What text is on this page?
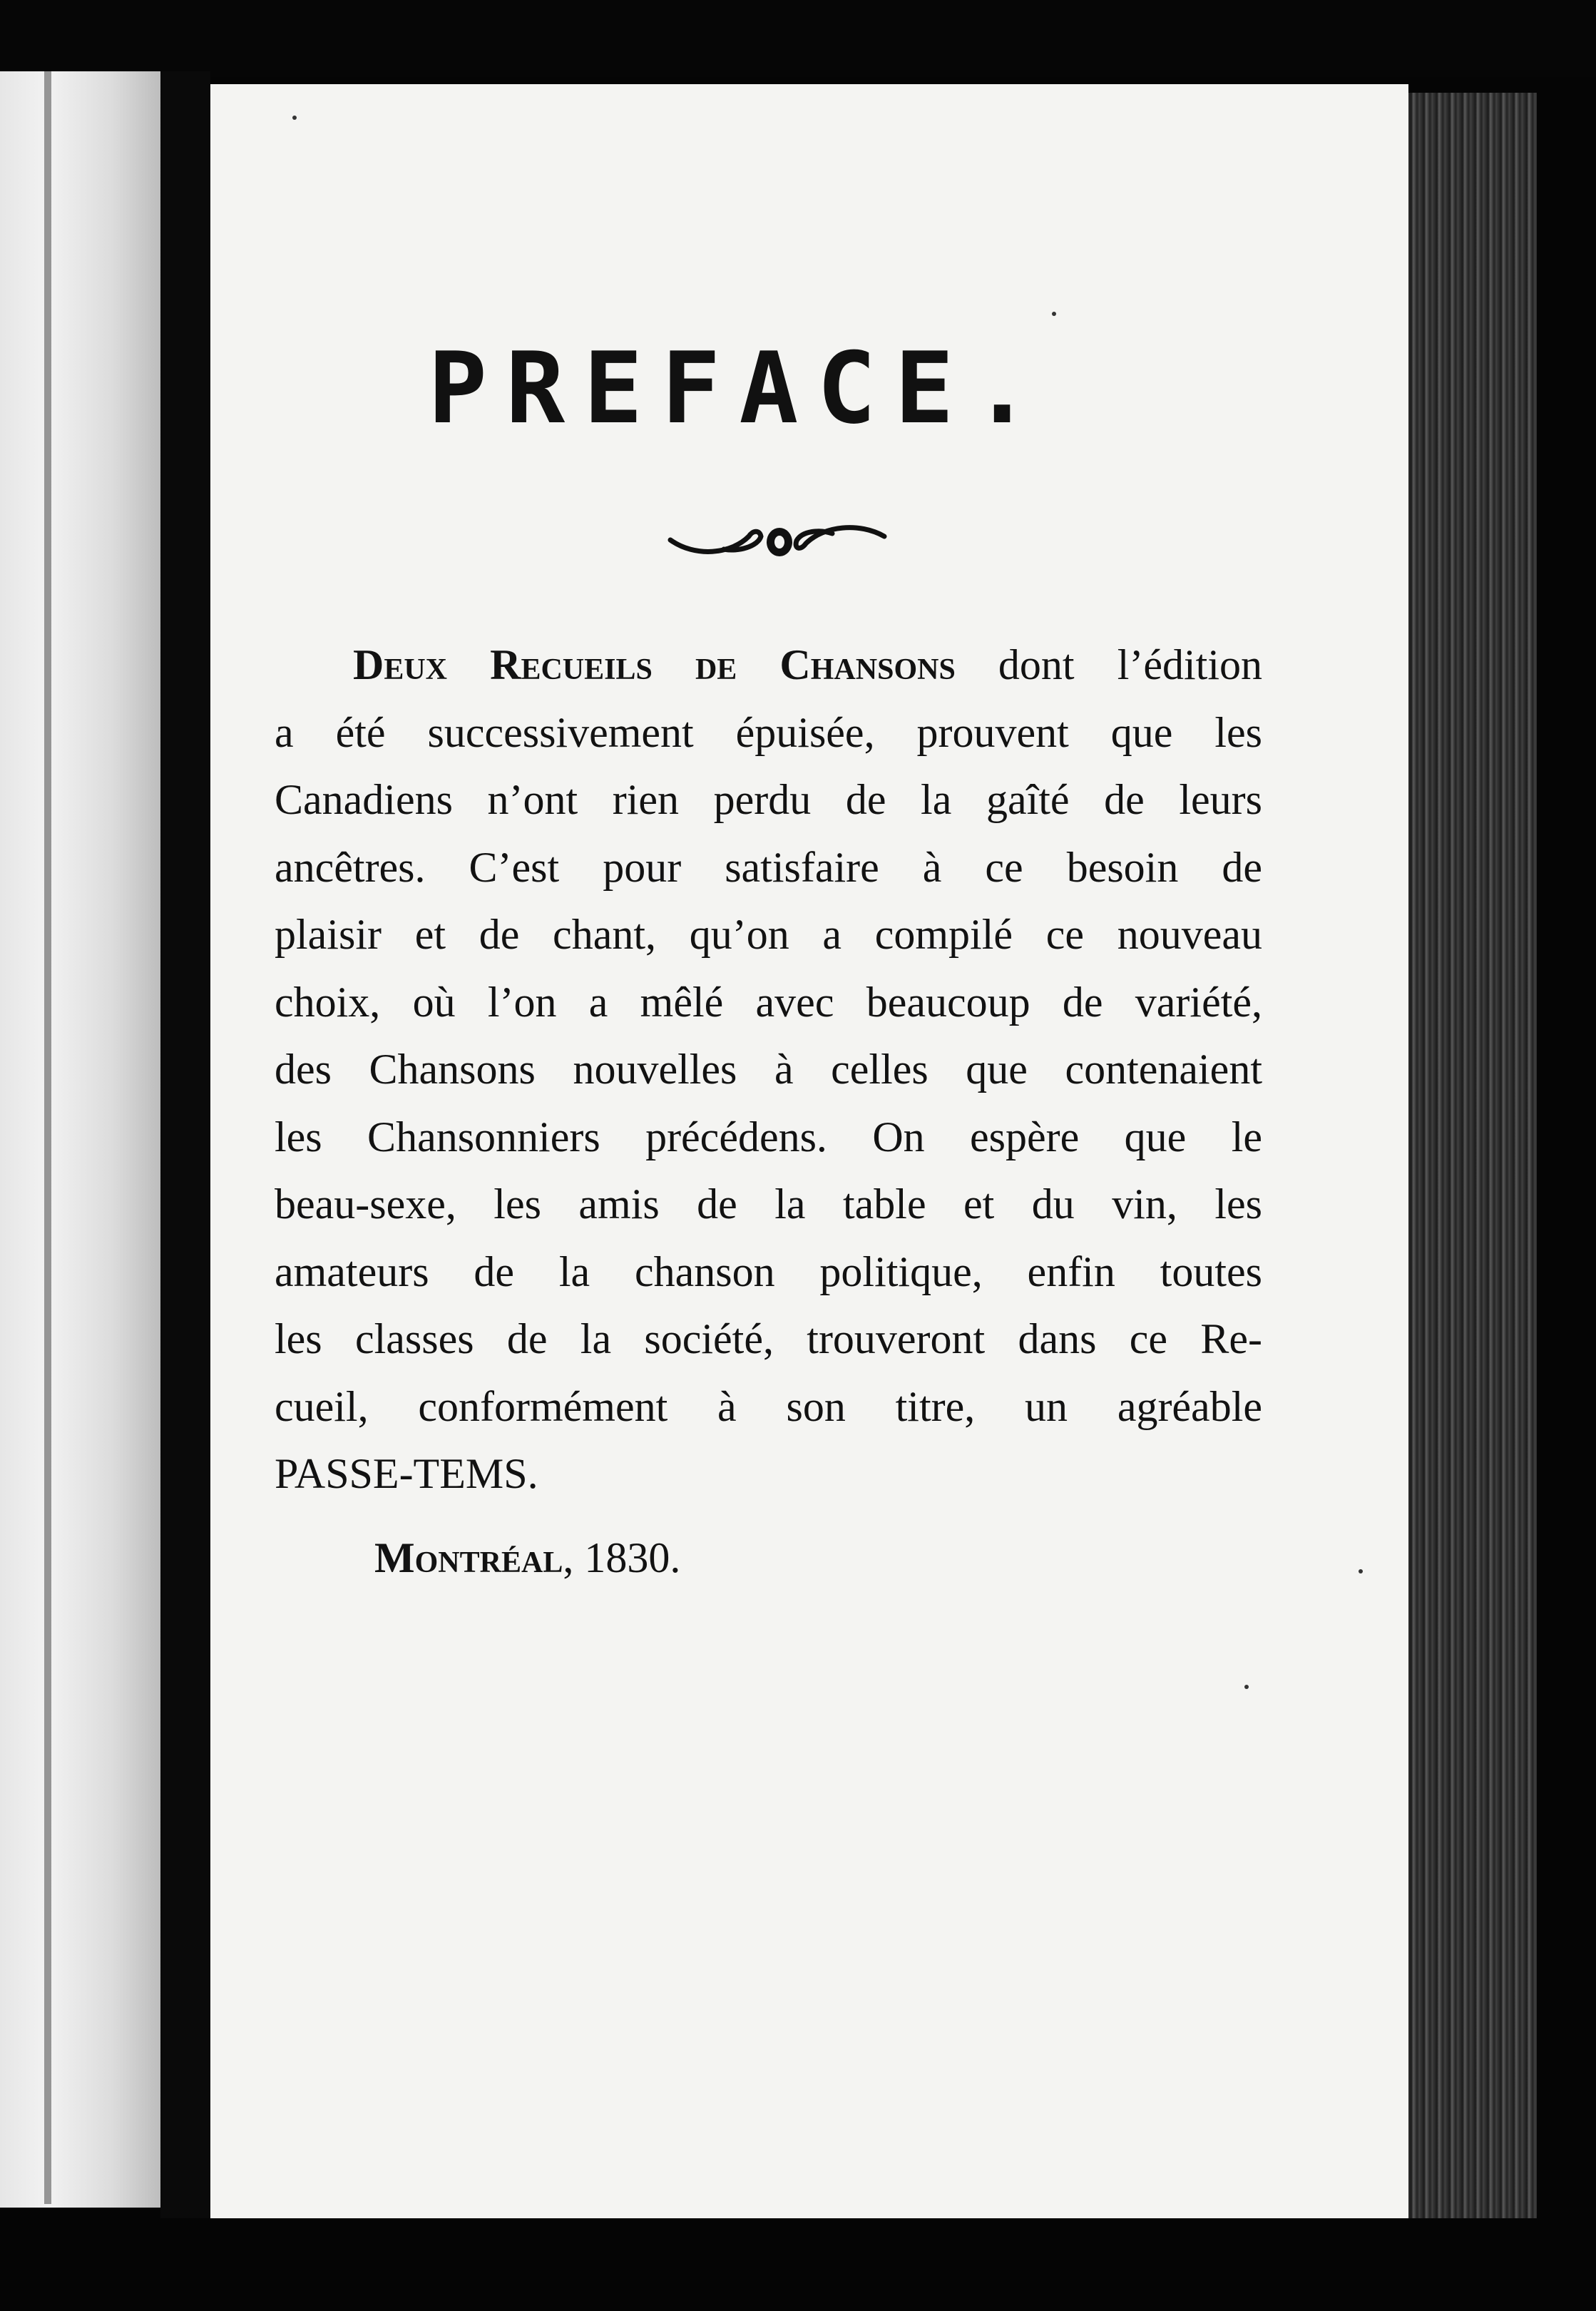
PREFACE.
Deux Recueils de Chansons dont l’édition
a été successivement épuisée, prouvent que les
Canadiens n’ont rien perdu de la gaîté de leurs
ancêtres. C’est pour satisfaire à ce besoin de
plaisir et de chant, qu’on a compilé ce nouveau
choix, où l’on a mêlé avec beaucoup de variété,
des Chansons nouvelles à celles que contenaient
les Chansonniers précédens. On espère que le
beau-sexe, les amis de la table et du vin, les
amateurs de la chanson politique, enfin toutes
les classes de la société, trouveront dans ce Re-
cueil, conformément à son titre, un agréable
PASSE-TEMS.
Montréal, 1830.
